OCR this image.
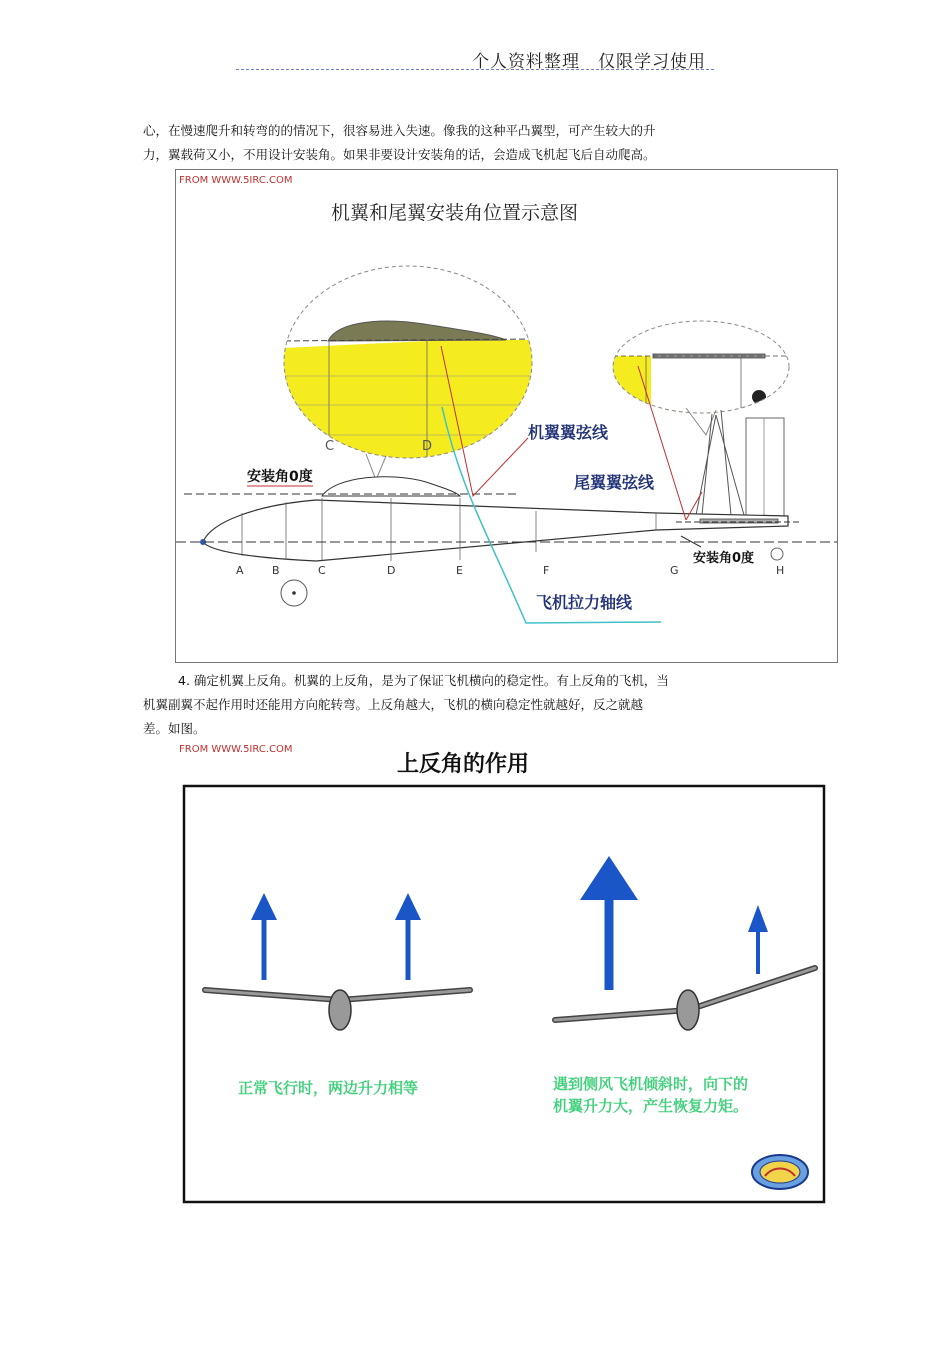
个人资料整理　仅限学习使用
心，在慢速爬升和转弯的的情况下，很容易进入失速。像我的这种平凸翼型，可产生较大的升
力，翼载荷又小，不用设计安装角。如果非要设计安装角的话，会造成飞机起飞后自动爬高。
FROM WWW.5IRC.COM
机翼和尾翼安装角位置示意图
C	D
A	B	C	D	E	F	G	H
安装角0度
机翼翼弦线
尾翼翼弦线
安装角0度
飞机拉力轴线
4. 确定机翼上反角。机翼的上反角，是为了保证飞机横向的稳定性。有上反角的飞机，当
机翼副翼不起作用时还能用方向舵转弯。上反角越大，飞机的横向稳定性就越好，反之就越
差。如图。
FROM WWW.5IRC.COM
上反角的作用
正常飞行时，两边升力相等	遇到侧风飞机倾斜时，向下的
机翼升力大，产生恢复力矩。
